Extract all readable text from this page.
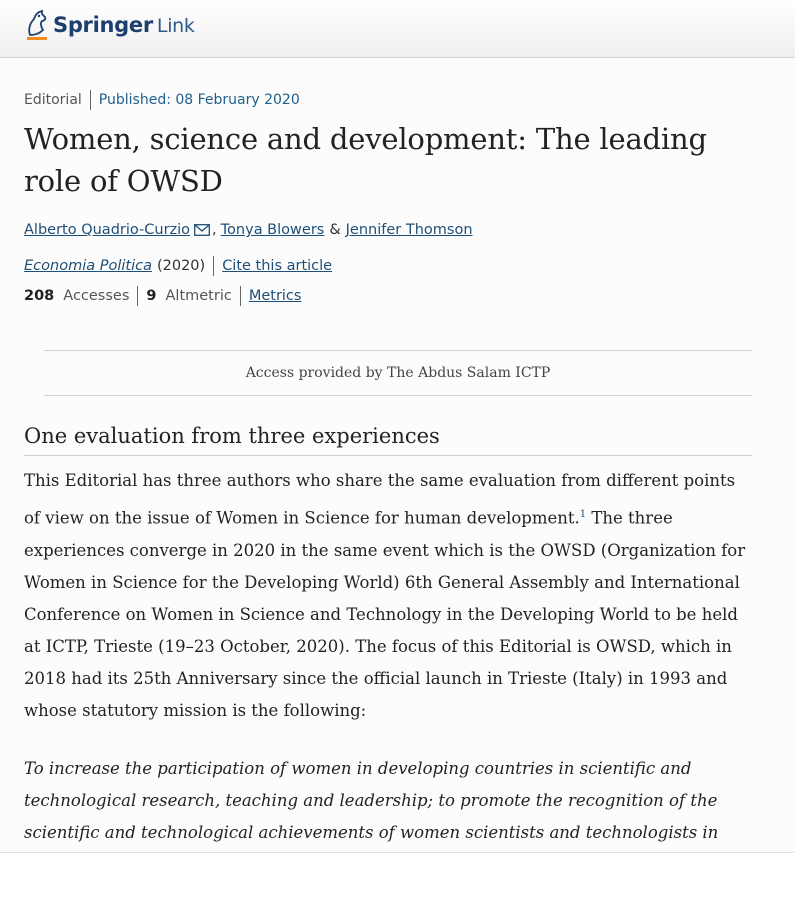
Springer Link
Editorial Published: 08 February 2020
Women, science and development: The leading role of OWSD
Alberto Quadrio-Curzio , Tonya Blowers & Jennifer Thomson
Economia Politica (2020) Cite this article
208 Accesses 9 Altmetric Metrics
Access provided by The Abdus Salam ICTP
One evaluation from three experiences

This Editorial has three authors who share the same evaluation from different points of view on the issue of Women in Science for human development.$^1$ The three experiences converge in 2020 in the same event which is the OWSD (Organization for Women in Science for the Developing World) 6th General Assembly and International Conference on Women in Science and Technology in the Developing World to be held at ICTP, Trieste (19–23 October, 2020). The focus of this Editorial is OWSD, which in 2018 had its 25th Anniversary since the official launch in Trieste (Italy) in 1993 and whose statutory mission is the following:

To increase the participation of women in developing countries in scientific and technological research, teaching and leadership; to promote the recognition of the scientific and technological achievements of women scientists and technologists in
